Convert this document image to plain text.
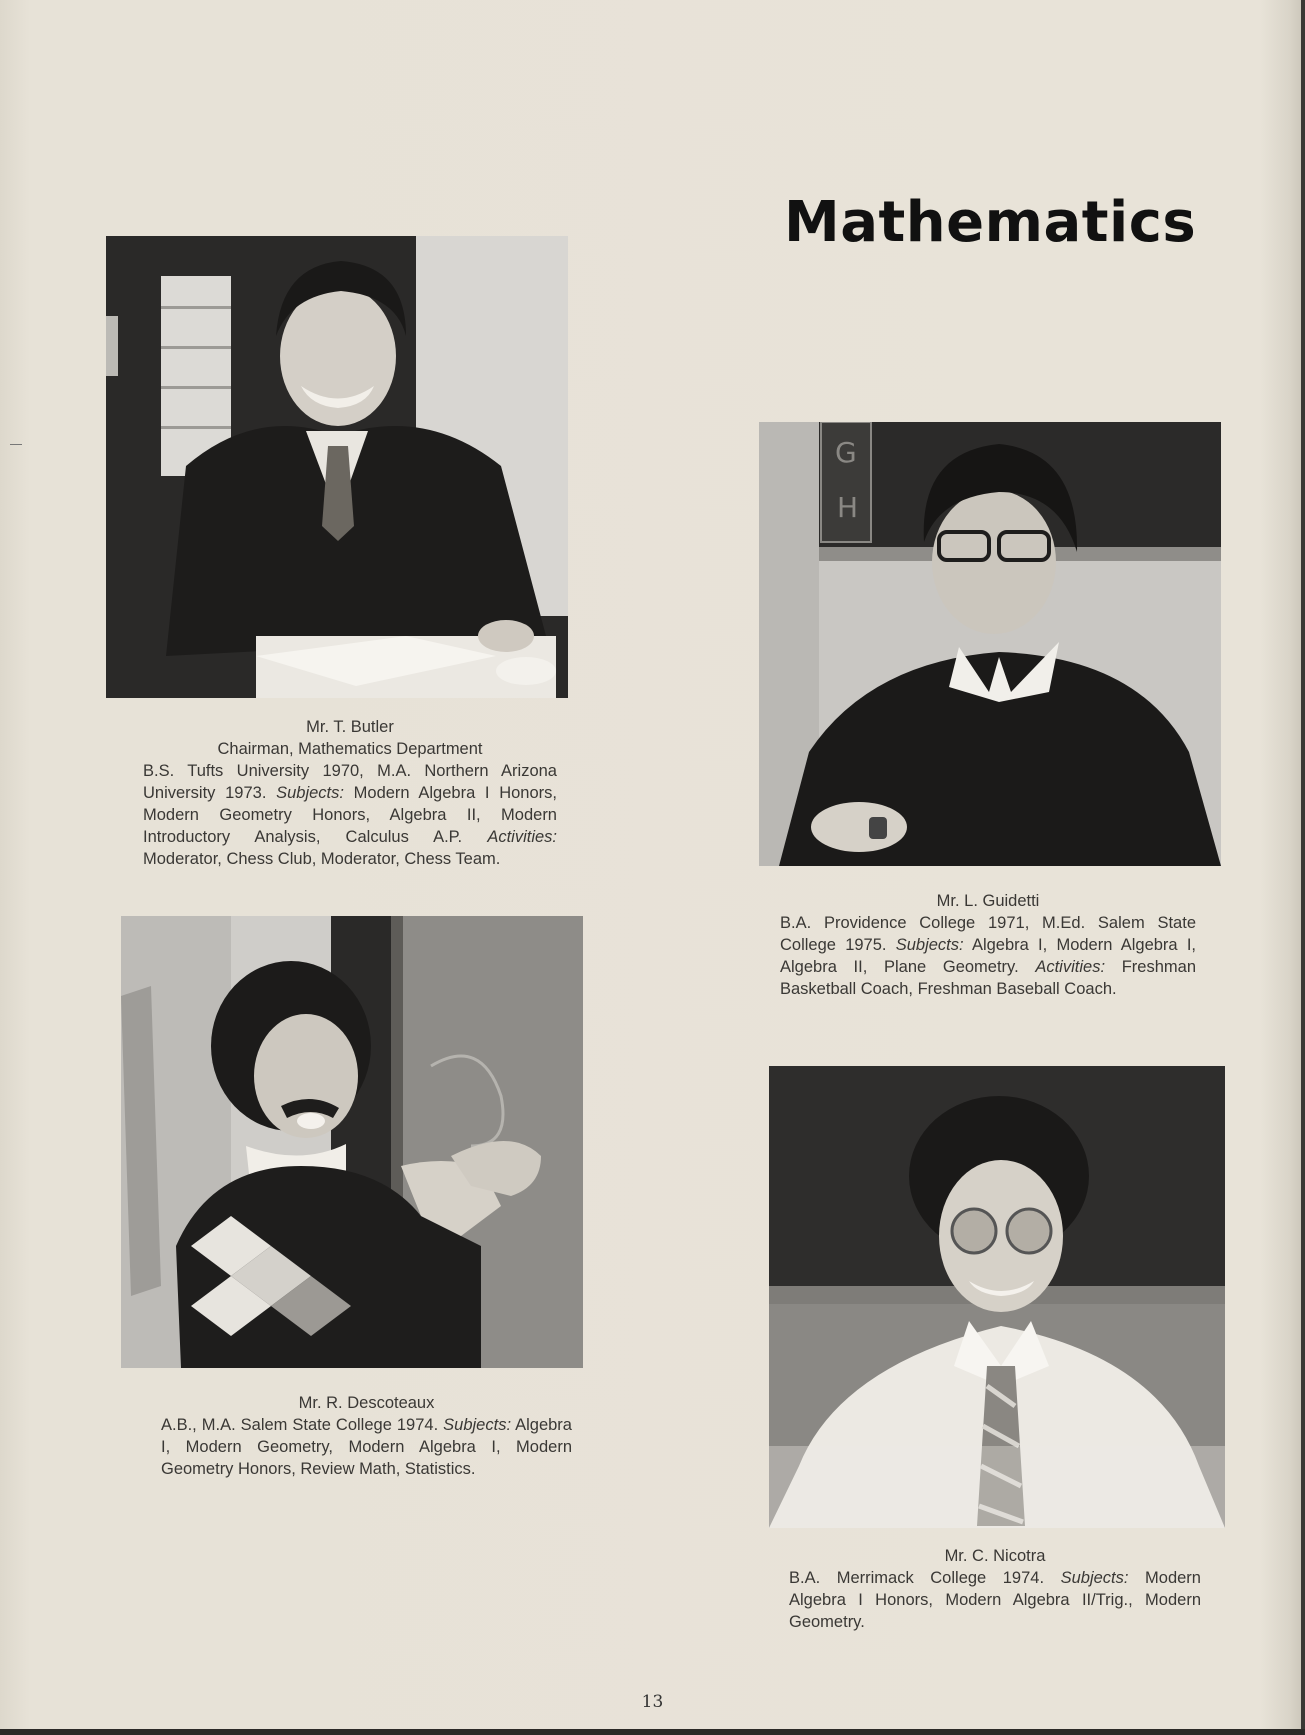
Mathematics
Mr. T. Butler
Chairman, Mathematics Department
B.S. Tufts University 1970, M.A. Northern Arizona University 1973. Subjects: Modern Algebra I Honors, Modern Geometry Honors, Algebra II, Modern Introductory Analysis, Calculus A.P. Activities: Moderator, Chess Club, Moderator, Chess Team.
G
H
Mr. L. Guidetti
B.A. Providence College 1971, M.Ed. Salem State College 1975. Subjects: Algebra I, Modern Algebra I, Algebra II, Plane Geometry. Activities: Freshman Basketball Coach, Freshman Baseball Coach.
Mr. R. Descoteaux
A.B., M.A. Salem State College 1974. Subjects: Algebra I, Modern Geometry, Modern Algebra I, Modern Geometry Honors, Review Math, Statistics.
Mr. C. Nicotra
B.A. Merrimack College 1974. Subjects: Modern Algebra I Honors, Modern Algebra II/Trig., Modern Geometry.
13
